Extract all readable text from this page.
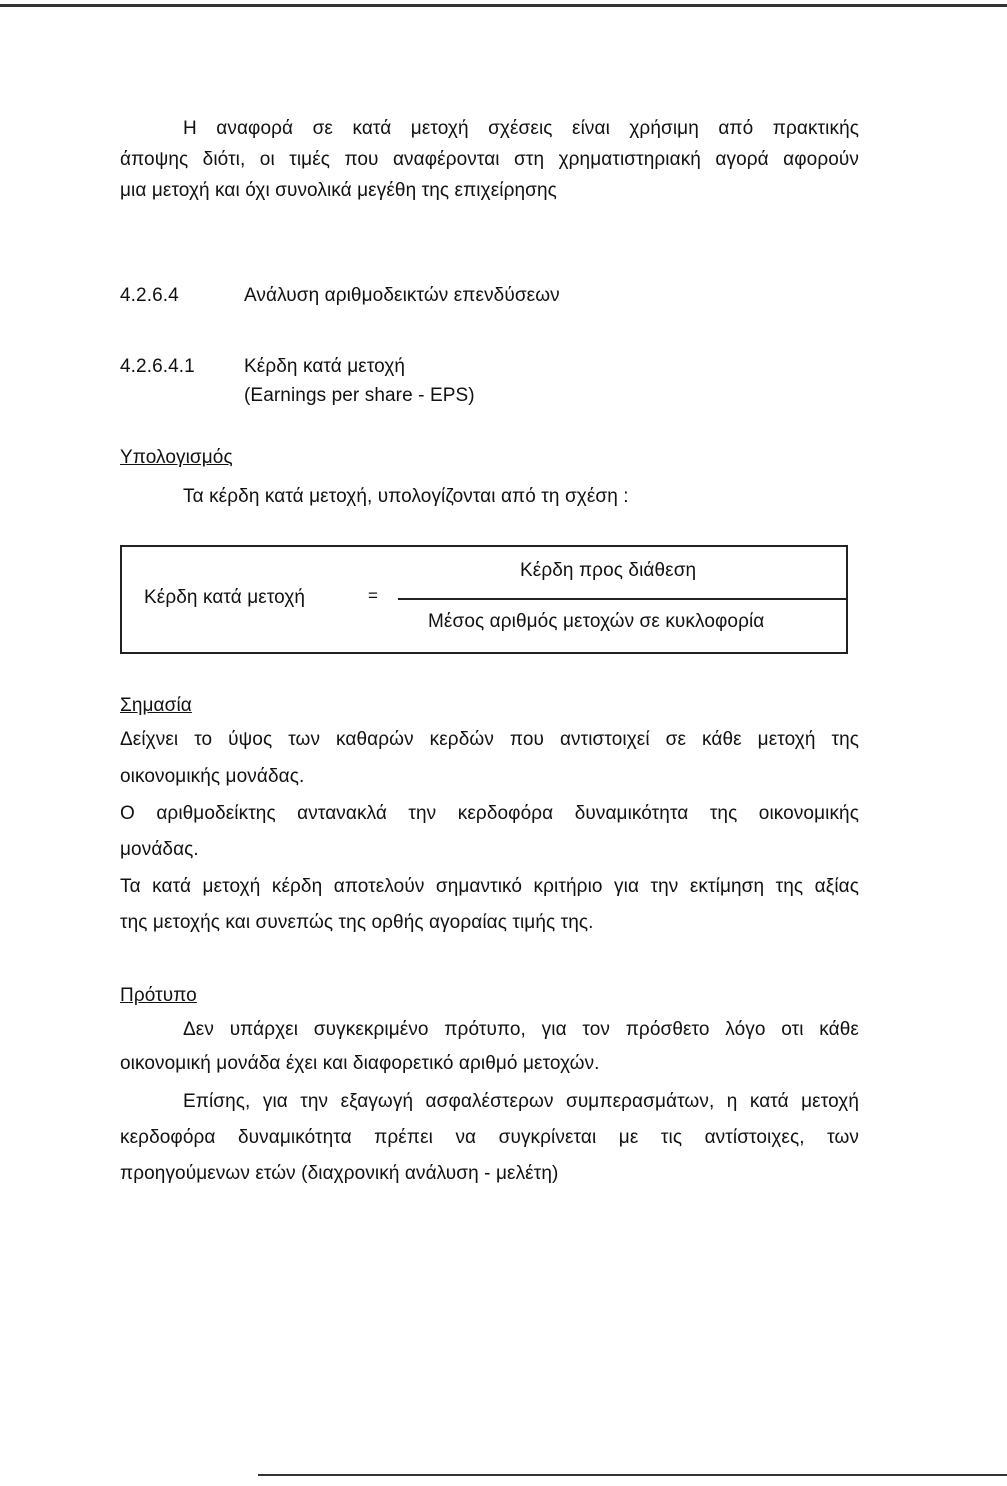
Η αναφορά σε κατά μετοχή σχέσεις είναι χρήσιμη από πρακτικής
άποψης διότι, οι τιμές που αναφέρονται στη χρηματιστηριακή αγορά αφορούν
μια μετοχή και όχι συνολικά μεγέθη της επιχείρησης
4.2.6.4	Ανάλυση αριθμοδεικτών επενδύσεων
4.2.6.4.1	Κέρδη κατά μετοχή
(Earnings per share - EPS)
Υπολογισμός
Τα κέρδη κατά μετοχή, υπολογίζονται από τη σχέση :
Κέρδη κατά μετοχή	=
Κέρδη προς διάθεση
Μέσος αριθμός μετοχών σε κυκλοφορία
Σημασία
Δείχνει το ύψος των καθαρών κερδών που αντιστοιχεί σε κάθε μετοχή της
οικονομικής μονάδας.
Ο αριθμοδείκτης αντανακλά την κερδοφόρα δυναμικότητα της οικονομικής
μονάδας.
Τα κατά μετοχή κέρδη αποτελούν σημαντικό κριτήριο για την εκτίμηση της αξίας
της μετοχής και συνεπώς της ορθής αγοραίας τιμής της.
Πρότυπο
Δεν υπάρχει συγκεκριμένο πρότυπο, για τον πρόσθετο λόγο οτι κάθε
οικονομική μονάδα έχει και διαφορετικό αριθμό μετοχών.
Επίσης, για την εξαγωγή ασφαλέστερων συμπερασμάτων, η κατά μετοχή
κερδοφόρα δυναμικότητα πρέπει να συγκρίνεται με τις αντίστοιχες, των
προηγούμενων ετών (διαχρονική ανάλυση - μελέτη)
